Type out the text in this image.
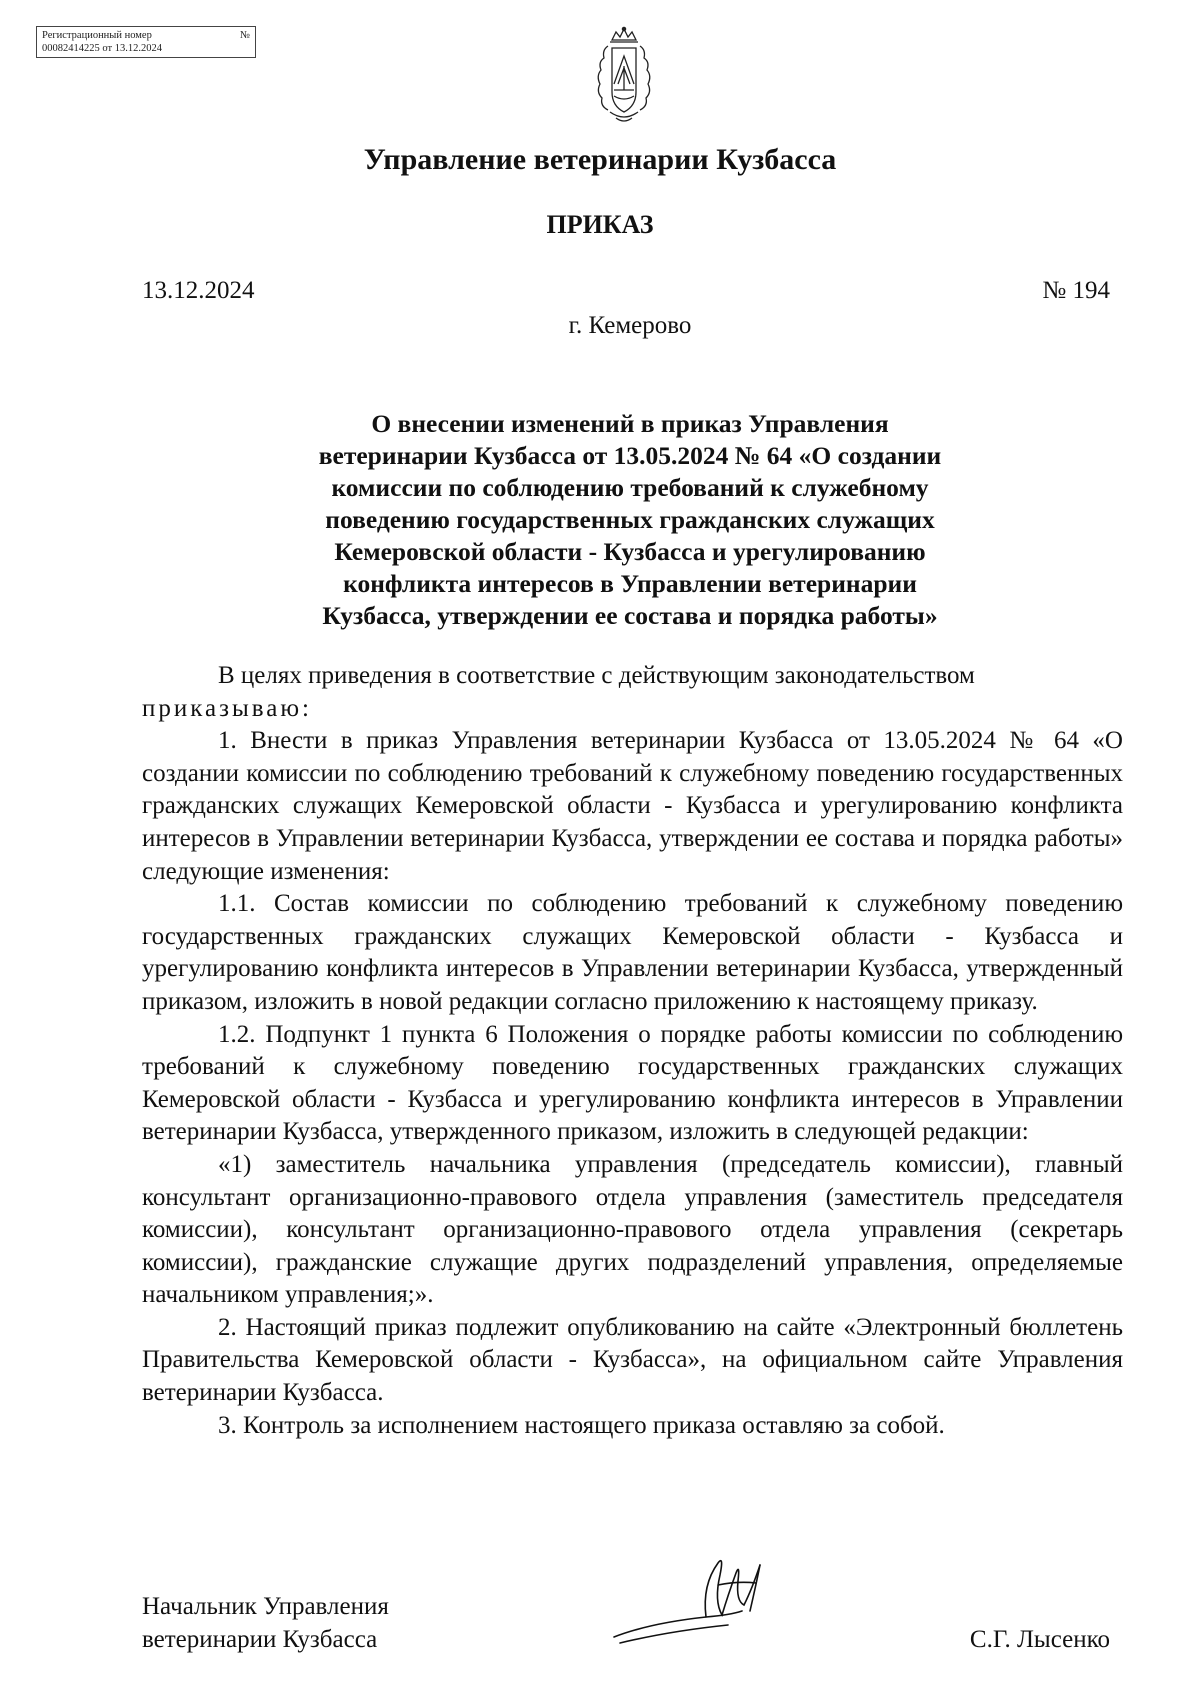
Регистрационный номер	№
00082414225 от 13.12.2024
Управление ветеринарии Кузбасса
ПРИКАЗ
13.12.2024	№ 194
г. Кемерово
О внесении изменений в приказ Управления
ветеринарии Кузбасса от 13.05.2024 № 64 «О создании
комиссии по соблюдению требований к служебному
поведению государственных гражданских служащих
Кемеровской области - Кузбасса и урегулированию
конфликта интересов в Управлении ветеринарии
Кузбасса, утверждении ее состава и порядка работы»

В целях приведения в соответствие с действующим законодательством

приказываю:

1. Внести в приказ Управления ветеринарии Кузбасса от 13.05.2024 № 64 «О создании комиссии по соблюдению требований к служебному поведению государственных гражданских служащих Кемеровской области - Кузбасса и урегулированию конфликта интересов в Управлении ветеринарии Кузбасса, утверждении ее состава и порядка работы» следующие изменения:

1.1. Состав комиссии по соблюдению требований к служебному поведению государственных гражданских служащих Кемеровской области - Кузбасса и урегулированию конфликта интересов в Управлении ветеринарии Кузбасса, утвержденный приказом, изложить в новой редакции согласно приложению к настоящему приказу.

1.2. Подпункт 1 пункта 6 Положения о порядке работы комиссии по соблюдению требований к служебному поведению государственных гражданских служащих Кемеровской области - Кузбасса и урегулированию конфликта интересов в Управлении ветеринарии Кузбасса, утвержденного приказом, изложить в следующей редакции:

«1) заместитель начальника управления (председатель комиссии), главный консультант организационно-правового отдела управления (заместитель председателя комиссии), консультант организационно-правового отдела управления (секретарь комиссии), гражданские служащие других подразделений управления, определяемые начальником управления;».

2. Настоящий приказ подлежит опубликованию на сайте «Электронный бюллетень Правительства Кемеровской области - Кузбасса», на официальном сайте Управления ветеринарии Кузбасса.

3. Контроль за исполнением настоящего приказа оставляю за собой.

Начальник Управления
ветеринарии Кузбасса	С.Г. Лысенко
